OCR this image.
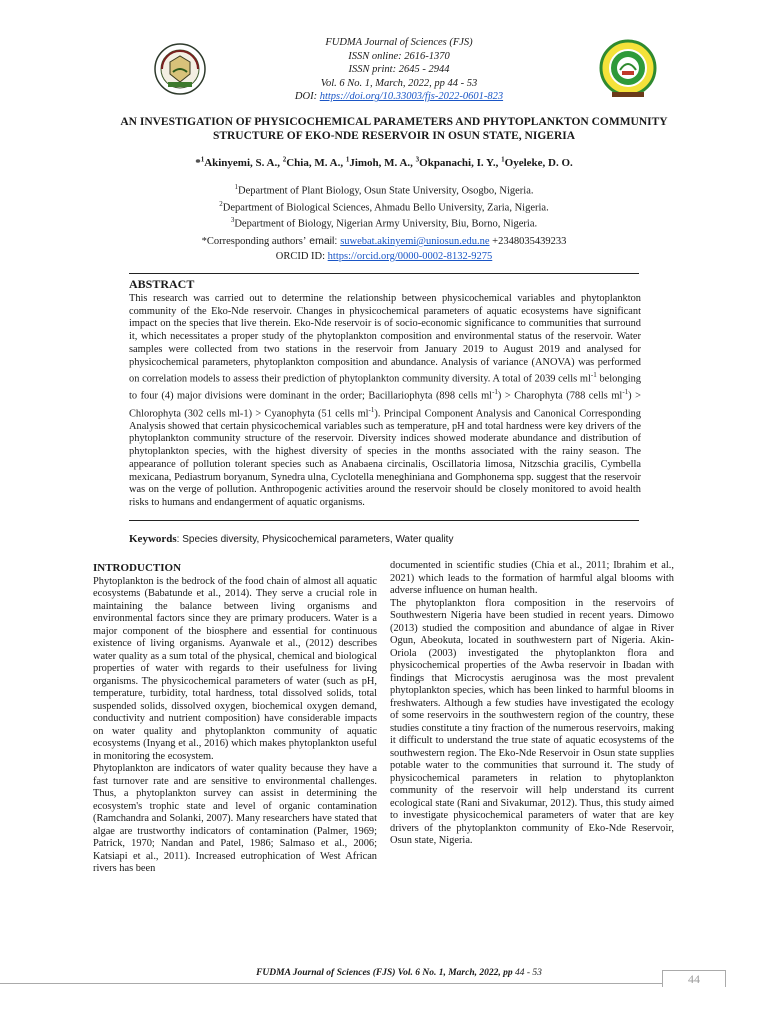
FUDMA Journal of Sciences (FJS)
ISSN online: 2616-1370
ISSN print: 2645 - 2944
Vol. 6 No. 1, March, 2022, pp 44 - 53
DOI: https://doi.org/10.33003/fjs-2022-0601-823
AN INVESTIGATION OF PHYSICOCHEMICAL PARAMETERS AND PHYTOPLANKTON COMMUNITY STRUCTURE OF EKO-NDE RESERVOIR IN OSUN STATE, NIGERIA
*$^1$Akinyemi, S. A., $^2$Chia, M. A., $^1$Jimoh, M. A., $^3$Okpanachi, I. Y., $^1$Oyeleke, D. O.
$^1$Department of Plant Biology, Osun State University, Osogbo, Nigeria.
$^2$Department of Biological Sciences, Ahmadu Bello University, Zaria, Nigeria.
$^3$Department of Biology, Nigerian Army University, Biu, Borno, Nigeria.
*Corresponding authors’ email: suwebat.akinyemi@uniosun.edu.ne +2348035439233
ORCID ID: https://orcid.org/0000-0002-8132-9275
ABSTRACT
This research was carried out to determine the relationship between physicochemical variables and phytoplankton community of the Eko-Nde reservoir. Changes in physicochemical parameters of aquatic ecosystems have significant impact on the species that live therein. Eko-Nde reservoir is of socio-economic significance to communities that surround it, which necessitates a proper study of the phytoplankton composition and environmental status of the reservoir. Water samples were collected from two stations in the reservoir from January 2019 to August 2019 and analysed for physicochemical parameters, phytoplankton composition and abundance. Analysis of variance (ANOVA) was performed on correlation models to assess their prediction of phytoplankton community diversity. A total of 2039 cells $ml^{-1}$ belonging to four (4) major divisions were dominant in the order; Bacillariophyta (898 cells $ml^{-1}$) > Charophyta (788 cells $ml^{-1}$) > Chlorophyta (302 cells ml-1) > Cyanophyta (51 cells $ml^{-1}$). Principal Component Analysis and Canonical Corresponding Analysis showed that certain physicochemical variables such as temperature, pH and total hardness were key drivers of the phytoplankton community structure of the reservoir. Diversity indices showed moderate abundance and distribution of phytoplankton species, with the highest diversity of species in the months associated with the rainy season. The appearance of pollution tolerant species such as Anabaena circinalis, Oscillatoria limosa, Nitzschia gracilis, Cymbella mexicana, Pediastrum boryanum, Synedra ulna, Cyclotella meneghiniana and Gomphonema spp. suggest that the reservoir was on the verge of pollution. Anthropogenic activities around the reservoir should be closely monitored to avoid health risks to humans and endangerment of aquatic organisms.
Keywords: Species diversity, Physicochemical parameters, Water quality
INTRODUCTION

Phytoplankton is the bedrock of the food chain of almost all aquatic ecosystems (Babatunde et al., 2014). They serve a crucial role in maintaining the balance between living organisms and environmental factors since they are primary producers. Water is a major component of the biosphere and essential for continuous existence of living organisms. Ayanwale et al., (2012) describes water quality as a sum total of the physical, chemical and biological properties of water with regards to their usefulness for living organisms. The physicochemical parameters of water (such as pH, temperature, turbidity, total hardness, total dissolved solids, total suspended solids, dissolved oxygen, biochemical oxygen demand, conductivity and nutrient composition) have considerable impacts on water quality and phytoplankton community of aquatic ecosystems (Inyang et al., 2016) which makes phytoplankton useful in monitoring the ecosystem.

Phytoplankton are indicators of water quality because they have a fast turnover rate and are sensitive to environmental challenges. Thus, a phytoplankton survey can assist in determining the ecosystem's trophic state and level of organic contamination (Ramchandra and Solanki, 2007). Many researchers have stated that algae are trustworthy indicators of contamination (Palmer, 1969; Patrick, 1970; Nandan and Patel, 1986; Salmaso et al., 2006; Katsiapi et al., 2011). Increased eutrophication of West African rivers has been

documented in scientific studies (Chia et al., 2011; Ibrahim et al., 2021) which leads to the formation of harmful algal blooms with adverse influence on human health.

The phytoplankton flora composition in the reservoirs of Southwestern Nigeria have been studied in recent years. Dimowo (2013) studied the composition and abundance of algae in River Ogun, Abeokuta, located in southwestern part of Nigeria. Akin-Oriola (2003) investigated the phytoplankton flora and physicochemical properties of the Awba reservoir in Ibadan with findings that Microcystis aeruginosa was the most prevalent phytoplankton species, which has been linked to harmful blooms in freshwaters. Although a few studies have investigated the ecology of some reservoirs in the southwestern region of the country, these studies constitute a tiny fraction of the numerous reservoirs, making it difficult to understand the true state of aquatic ecosystems of the southwestern region. The Eko-Nde Reservoir in Osun state supplies potable water to the communities that surround it. The study of physicochemical parameters in relation to phytoplankton community of the reservoir will help understand its current ecological state (Rani and Sivakumar, 2012). Thus, this study aimed to investigate physicochemical parameters of water that are key drivers of the phytoplankton community of Eko-Nde Reservoir, Osun state, Nigeria.

FUDMA Journal of Sciences (FJS) Vol. 6 No. 1, March, 2022, pp 44 - 53	44
